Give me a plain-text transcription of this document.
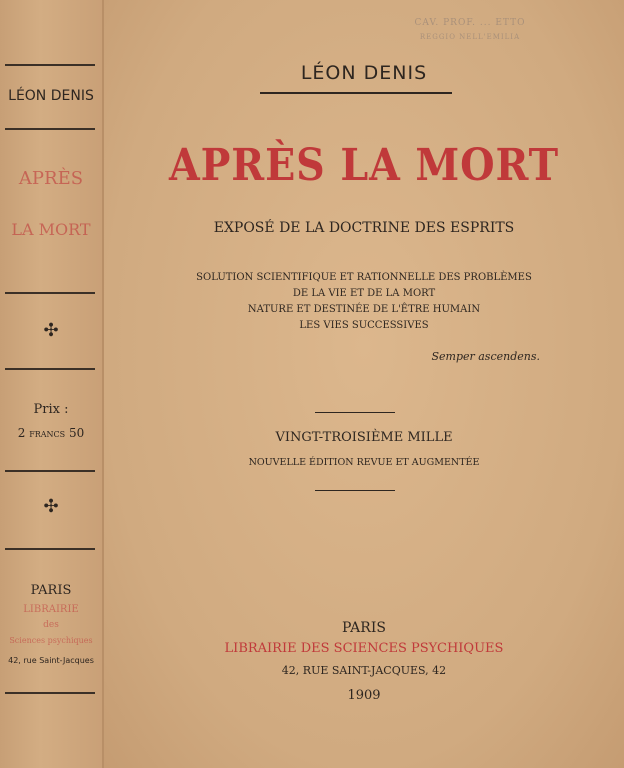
LÉON DENIS
APRÈS
LA MORT
✣
Prix :
2 francs 50
✣
PARIS
LIBRAIRIE
des
Sciences psychiques
42, rue Saint-Jacques
CAV. PROF. ... ETTO
REGGIO NELL'EMILIA
LÉON DENIS
APRÈS LA MORT
EXPOSÉ DE LA DOCTRINE DES ESPRITS
SOLUTION SCIENTIFIQUE ET RATIONNELLE DES PROBLÈMES
DE LA VIE ET DE LA MORT
NATURE ET DESTINÉE DE L'ÊTRE HUMAIN
LES VIES SUCCESSIVES
Semper ascendens.
VINGT-TROISIÈME MILLE
NOUVELLE ÉDITION REVUE ET AUGMENTÉE
PARIS
LIBRAIRIE DES SCIENCES PSYCHIQUES
42, RUE SAINT-JACQUES, 42
1909
